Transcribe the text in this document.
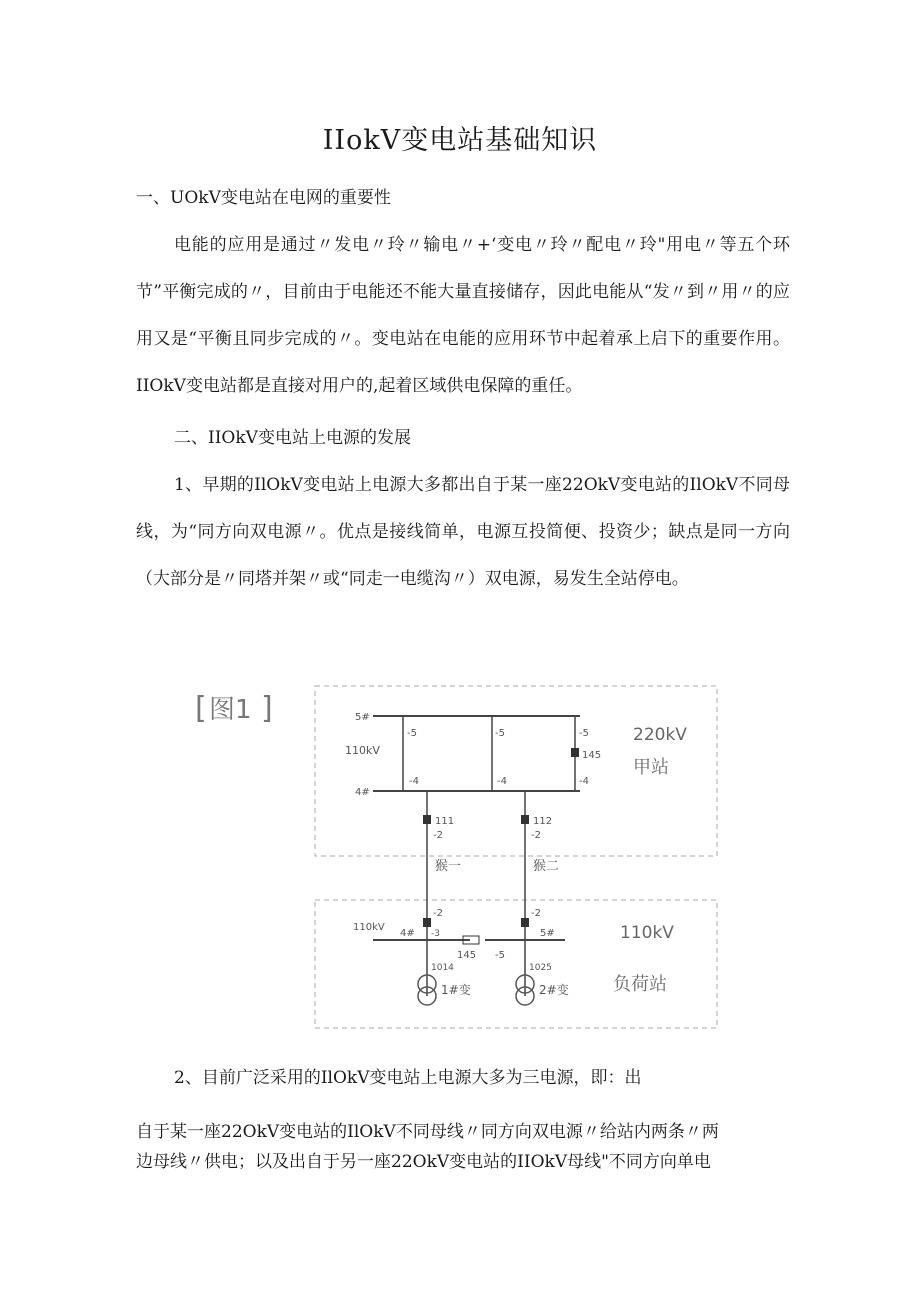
IIokV变电站基础知识
一、UOkV变电站在电网的重要性

电能的应用是通过〃发电〃玲〃输电〃+‘变电〃玲〃配电〃玲"用电〃等五个环节”平衡完成的〃，目前由于电能还不能大量直接储存，因此电能从“发〃到〃用〃的应用又是“平衡且同步完成的〃。变电站在电能的应用环节中起着承上启下的重要作用。IIOkV变电站都是直接对用户的,起着区域供电保障的重任。

二、IIOkV变电站上电源的发展

1、早期的IlOkV变电站上电源大多都出自于某一座22OkV变电站的IlOkV不同母线，为“同方向双电源〃。优点是接线简单，电源互投简便、投资少；缺点是同一方向（大部分是〃同塔并架〃或“同走一电缆沟〃）双电源，易发生全站停电。

[ 图1 ]	5#
4#
110kV
-5	-5	-5
-4	-4	-4
145
220kV
甲站
111	112
-2	-2
猴一	猴二
-2	-2
110kV
4#	5#
-3
145 -5
1014	1025
1#变	2#变
110kV
负荷站
2、目前广泛采用的IlOkV变电站上电源大多为三电源，即：出
自于某一座22OkV变电站的IlOkV不同母线〃同方向双电源〃给站内两条〃两
边母线〃供电；以及出自于另一座22OkV变电站的IIOkV母线"不同方向单电
